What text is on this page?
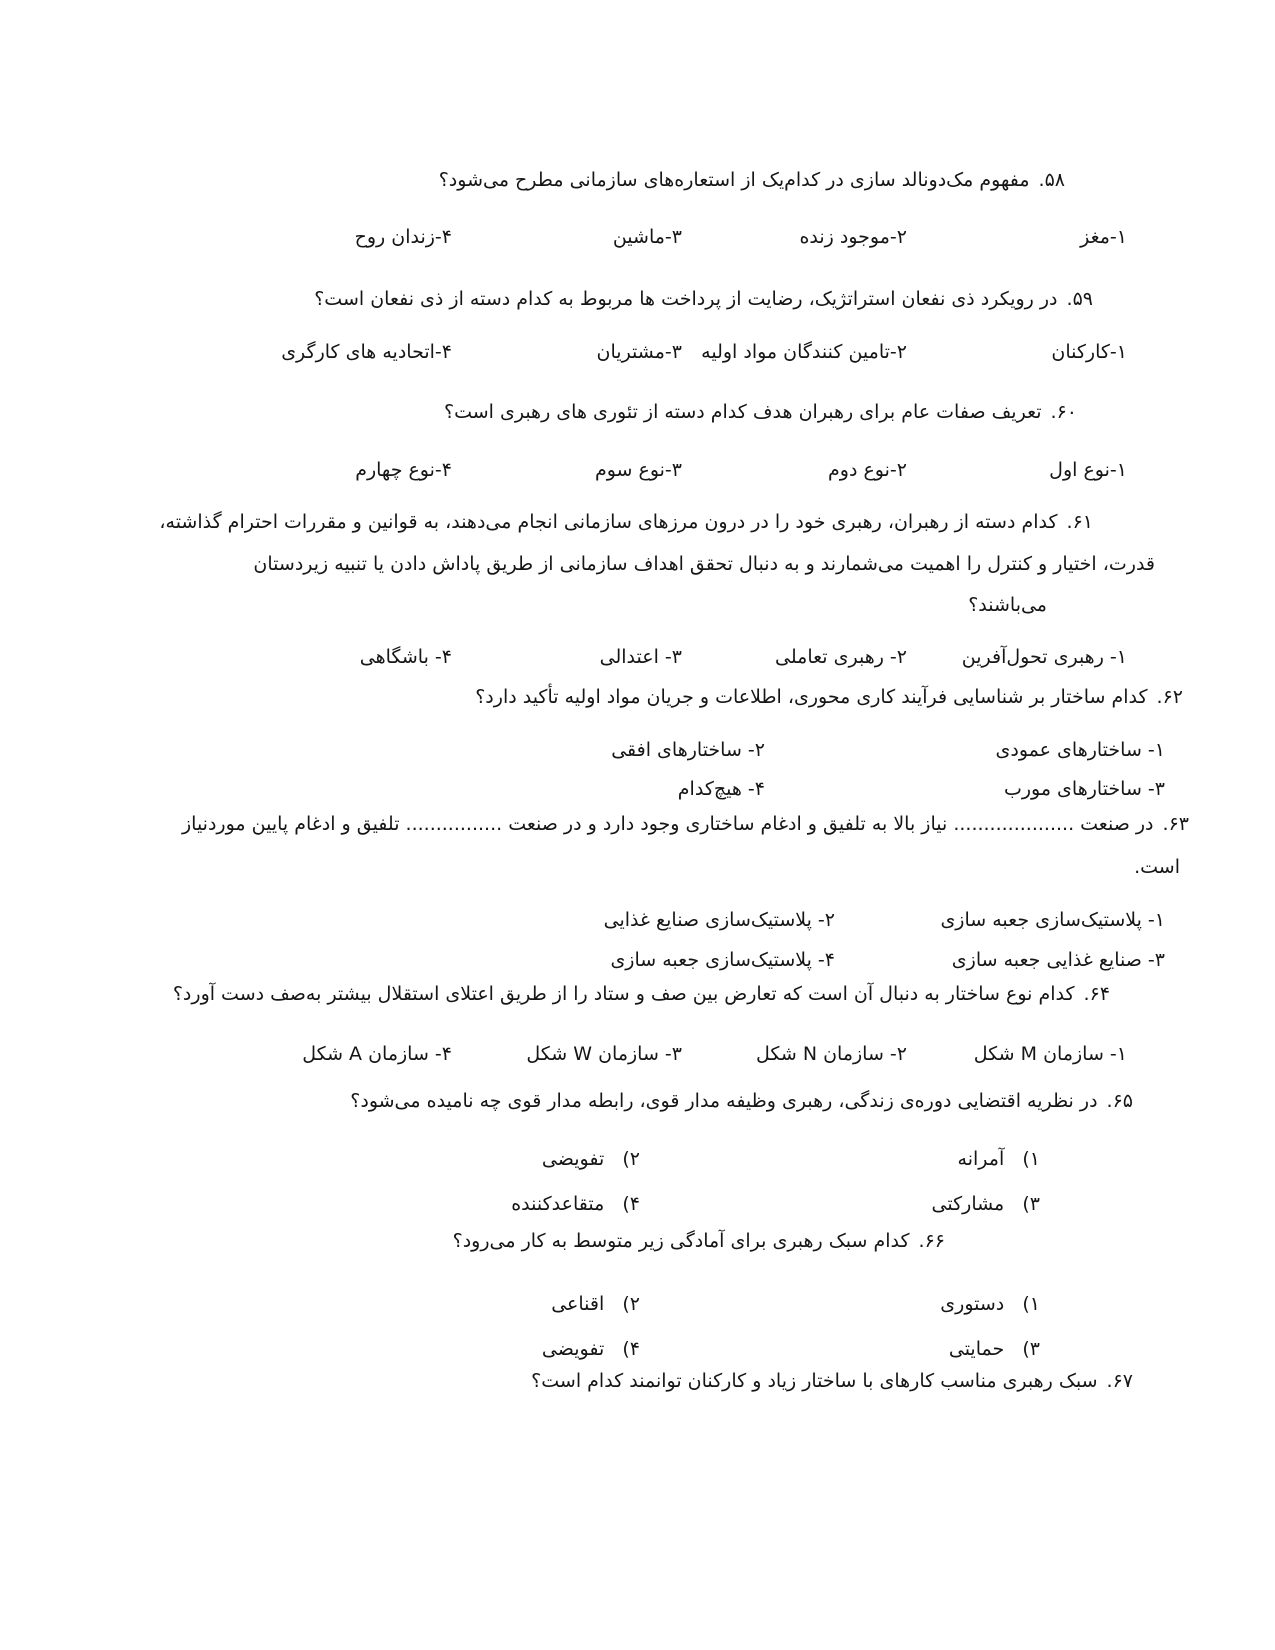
۵۸.مفهوم مک‌دونالد سازی در کدام‌یک از استعاره‌های سازمانی مطرح می‌شود؟
۱-مغز
۲-موجود زنده
۳-ماشین
۴-زندان روح
۵۹.در رویکرد ذی نفعان استراتژیک، رضایت از پرداخت ها مربوط به کدام دسته از ذی نفعان است؟
۱-کارکنان
۲-تامین کنندگان مواد اولیه
۳-مشتریان
۴-اتحادیه های کارگری
۶۰.تعریف صفات عام برای رهبران هدف کدام دسته از تئوری های رهبری است؟
۱-نوع اول
۲-نوع دوم
۳-نوع سوم
۴-نوع چهارم
۶۱.کدام دسته از رهبران، رهبری خود را در درون مرزهای سازمانی انجام می‌دهند، به قوانین و مقررات احترام گذاشته،
قدرت، اختیار و کنترل را اهمیت می‌شمارند و به دنبال تحقق اهداف سازمانی از طریق پاداش دادن یا تنبیه زیردستان
می‌باشند؟
۱- رهبری تحول‌آفرین
۲- رهبری تعاملی
۳- اعتدالی
۴- باشگاهی
۶۲.کدام ساختار بر شناسایی فرآیند کاری محوری، اطلاعات و جریان مواد اولیه تأکید دارد؟
۱- ساختارهای عمودی
۲- ساختارهای افقی
۳- ساختارهای مورب
۴- هیچ‌کدام
۶۳.در صنعت .................... نیاز بالا به تلفیق و ادغام ساختاری وجود دارد و در صنعت ................ تلفیق و ادغام پایین موردنیاز
است.
۱- پلاستیک‌سازی جعبه سازی
۲- پلاستیک‌سازی صنایع غذایی
۳- صنایع غذایی جعبه سازی
۴- پلاستیک‌سازی جعبه سازی
۶۴.کدام نوع ساختار به دنبال آن است که تعارض بین صف و ستاد را از طریق اعتلای استقلال بیشتر به‌صف دست آورد؟
۱- سازمان M شکل
۲- سازمان N شکل
۳- سازمان W شکل
۴- سازمان A شکل
۶۵.در نظریه اقتضایی دوره‌ی زندگی، رهبری وظیفه مدار قوی، رابطه مدار قوی چه نامیده می‌شود؟
۱)   آمرانه
۲)   تفویضی
۳)   مشارکتی
۴)   متقاعدکننده
۶۶.کدام سبک رهبری برای آمادگی زیر متوسط به کار می‌رود؟
۱)   دستوری
۲)   اقناعی
۳)   حمایتی
۴)   تفویضی
۶۷.سبک رهبری مناسب کارهای با ساختار زیاد و کارکنان توانمند کدام است؟
